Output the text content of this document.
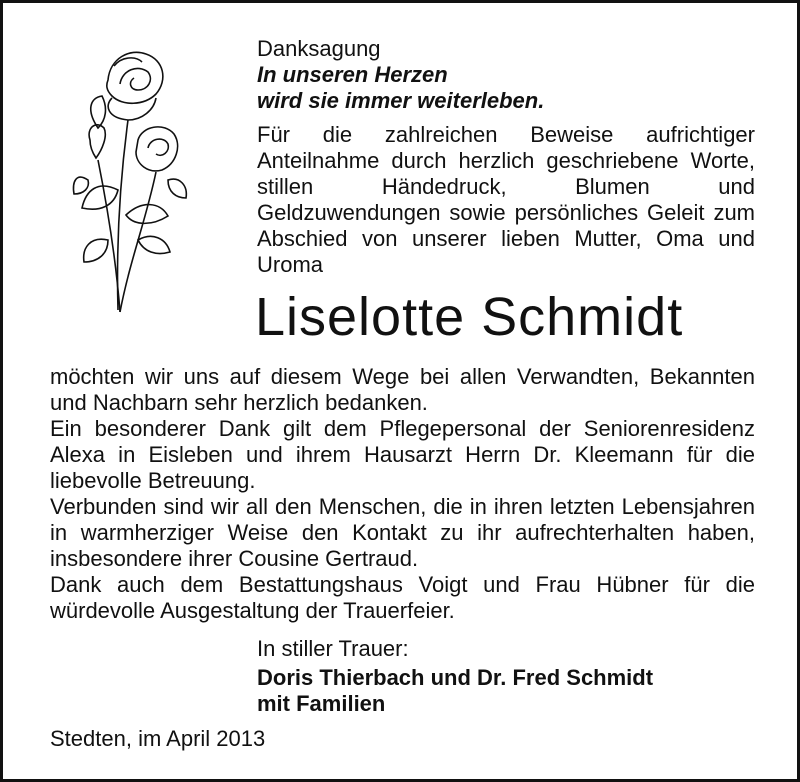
Danksagung

In unseren Herzen
wird sie immer weiterleben.

Für die zahlreichen Beweise aufrichtiger Anteilnahme durch herzlich geschriebene Worte, stillen Händedruck, Blumen und Geldzuwendungen sowie persönliches Geleit zum Abschied von unserer lieben Mutter, Oma und Uroma

Liselotte Schmidt

möchten wir uns auf diesem Wege bei allen Verwandten, Bekannten und Nachbarn sehr herzlich bedanken.

Ein besonderer Dank gilt dem Pflegepersonal der Seniorenresidenz Alexa in Eisleben und ihrem Hausarzt Herrn Dr. Kleemann für die liebevolle Betreuung.

Verbunden sind wir all den Menschen, die in ihren letzten Lebensjahren in warmherziger Weise den Kontakt zu ihr aufrechterhalten haben, insbesondere ihrer Cousine Gertraud.

Dank auch dem Bestattungshaus Voigt und Frau Hübner für die würdevolle Ausgestaltung der Trauerfeier.

In stiller Trauer:

Doris Thierbach und Dr. Fred Schmidt
mit Familien

Stedten, im April 2013
